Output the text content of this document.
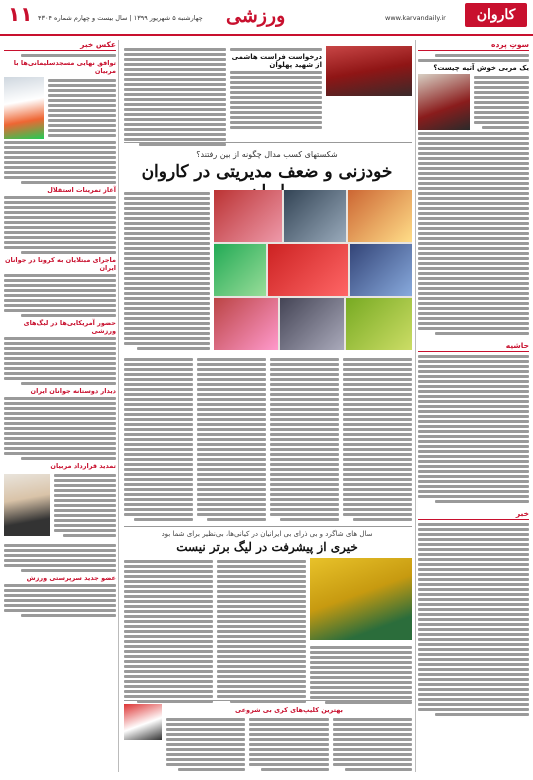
۱۱ چهارشنبه ۵ شهریور ۱۳۹۹ | سال بیست و چهارم شماره ۴۳۰۴ ورزشی	www.karvandaily.ir	کاروان
سوتِ پرده
یک مربی خوش آتیه چیست؟
حاشیه
خبر
درخواست فراست هاشمی از شهید پهلوان
شکستهای کسب مدال چگونه از بین رفتند؟
خودزنی و ضعف مدیریتی در کاروان
سال های شاگرد و بی ذرای بی ایرانیان در کیانی‌ها، بی‌نظیر برای شما بود
خیری از پیشرفت در لیگ برتر نیست
بهترین کلیپ‌های کری بی شروعی
عکس خبر
توافق نهایی مسجدسلیمانی‌ها با مربیان
آغاز تمرینات استقلال
ماجرای مبتلایان به کرونا در جوانان ایران
حضور آمریکایی‌ها در لیگ‌های ورزشی
دیدار دوستانه جوانان ایران
تمدید قرارداد مربیان
عضو جدید سرپرستی ورزش
